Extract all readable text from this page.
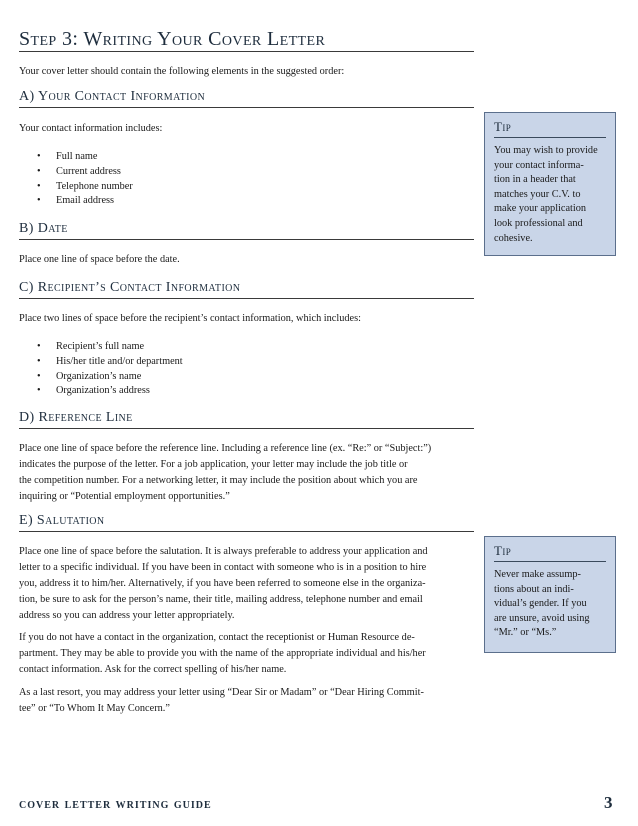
Step 3: Writing Your Cover Letter
Your cover letter should contain the following elements in the suggested order:
A) Your Contact Information
Your contact information includes:
• Full name
• Current address
• Telephone number
• Email address
B) Date
Place one line of space before the date.
C) Recipient’s Contact Information
Place two lines of space before the recipient’s contact information, which includes:
• Recipient’s full name
• His/her title and/or department
• Organization’s name
• Organization’s address
D) Reference Line
Place one line of space before the reference line. Including a reference line (ex. “Re:” or “Subject:”)
indicates the purpose of the letter. For a job application, your letter may include the job title or
the competition number. For a networking letter, it may include the position about which you are
inquiring or “Potential employment opportunities.”
E) Salutation
Place one line of space before the salutation. It is always preferable to address your application and
letter to a specific individual. If you have been in contact with someone who is in a position to hire
you, address it to him/her. Alternatively, if you have been referred to someone else in the organiza-
tion, be sure to ask for the person’s name, their title, mailing address, telephone number and email
address so you can address your letter appropriately.
If you do not have a contact in the organization, contact the receptionist or Human Resource de-
partment. They may be able to provide you with the name of the appropriate individual and his/her
contact information. Ask for the correct spelling of his/her name.
As a last resort, you may address your letter using “Dear Sir or Madam” or “Dear Hiring Commit-
tee” or “To Whom It May Concern.”
Tip
You may wish to provide
your contact informa-
tion in a header that
matches your C.V. to
make your application
look professional and
cohesive.
Tip
Never make assump-
tions about an indi-
vidual’s gender. If you
are unsure, avoid using
“Mr.” or “Ms.”
cover letter writing guide	3
